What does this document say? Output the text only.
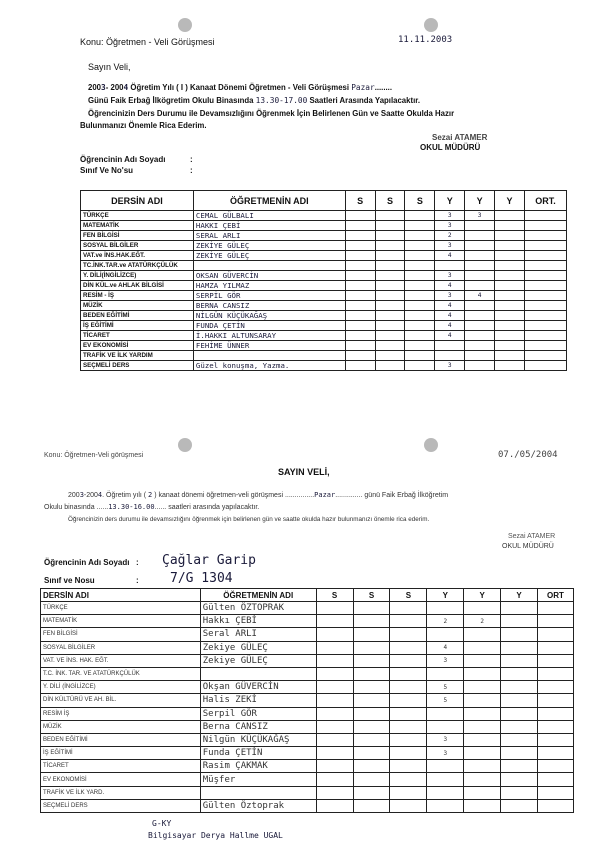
Konu: Öğretmen - Veli Görüşmesi	11.11.2003
Sayın Veli,
2003- 2004 Öğretim Yılı ( I ) Kanaat Dönemi Öğretmen - Veli Görüşmesi Pazar........
Günü Faik Erbağ İlkögretim Okulu Binasında 13.30-17.00 Saatleri Arasında Yapılacaktır.
Öğrencinizin Ders Durumu ile Devamsızlığını Öğrenmek İçin Belirlenen Gün ve Saatte Okulda Hazır
Bulunmanızı Önemle Rica Ederim.
Sezai ATAMER
OKUL MÜDÜRÜ
Öğrencinin Adı Soyadı	:
Sınıf Ve No'su	:
DERSİN ADI	ÖĞRETMENİN ADI	S	S	S	Y	Y	Y	ORT.
TÜRKÇE	CEMAL GÜLBALI				3	3		
MATEMATİK	HAKKI ÇEBİ				3			
FEN BİLGİSİ	SERAL ARLI				2			
SOSYAL BİLGİLER	ZEKİYE GÜLEÇ				3			
VAT.ve İNS.HAK.EĞT.	ZEKİYE GÜLEÇ				4			
TC.İNK.TAR.ve ATATÜRKÇÜLÜK								
Y. DİLİ(İNGİLİZCE)	OKSAN GÜVERCİN				3			
DİN KÜL.ve AHLAK BİLGİSİ	HAMZA YILMAZ				4			
RESİM - İŞ	SERPİL GÖR				3	4		
MÜZİK	BERNA CANSIZ				4			
BEDEN EĞİTİMİ	NİLGÜN KÜÇÜKAĞAŞ				4			
İŞ EĞİTİMİ	FUNDA ÇETİN				4			
TİCARET	İ.HAKKI ALTUNSARAY				4			
EV EKONOMİSİ	FEHİME ÜNNER							
TRAFİK VE İLK YARDIM								
SEÇMELİ DERS	Güzel konuşma, Yazma.				3			
Konu: Öğretmen-Veli görüşmesi	07./05/2004
SAYIN VELİ,
2003-2004. Öğretim yılı ( 2 ) kanaat dönemi öğretmen-veli görüşmesi ...............Pazar.............. günü Faik Erbağ İlköğretim
Okulu binasında ......13.30-16.00...... saatleri arasında yapılacaktır.
Öğrencinizin ders durumu ile devamsızlığını öğrenmek için belirlenen gün ve saatte okulda hazır bulunmanızı önemle rica ederim.
Sezai ATAMER
OKUL MÜDÜRÜ
Öğrencinin Adı Soyadı : Çağlar Garip
Sınıf ve Nosu	: 7/G 1304
DERSİN ADI	ÖĞRETMENİN ADI	S	S	S	Y	Y	Y	ORT
TÜRKÇE	Gülten ÖZTOPRAK							
MATEMATİK	Hakkı ÇEBİ				2	2		
FEN BİLGİSİ	Seral ARLI							
SOSYAL BİLGİLER	Zekiye GÜLEÇ				4			
VAT. VE İNS. HAK. EĞT.	Zekiye GÜLEÇ				3			
T.C. İNK. TAR. VE ATATÜRKÇÜLÜK								
Y. DİLİ (İNGİLİZCE)	Okşan GÜVERCİN				5			
DİN KÜLTÜRÜ VE AH. BİL.	Halis ZEKİ				5			
RESİM İŞ	Serpil GÖR							
MÜZİK	Berna CANSIZ							
BEDEN EĞİTİMİ	Nilgün KÜÇÜKAĞAŞ				3			
İŞ EĞİTİMİ	Funda ÇETİN				3			
TİCARET	Rasim ÇAKMAK							
EV EKONOMİSİ	Müşfer							
TRAFİK VE İLK YARD.								
SEÇMELİ DERS	Gülten Öztoprak							
G-KY
Bilgisayar Derya Hallme UGAL
